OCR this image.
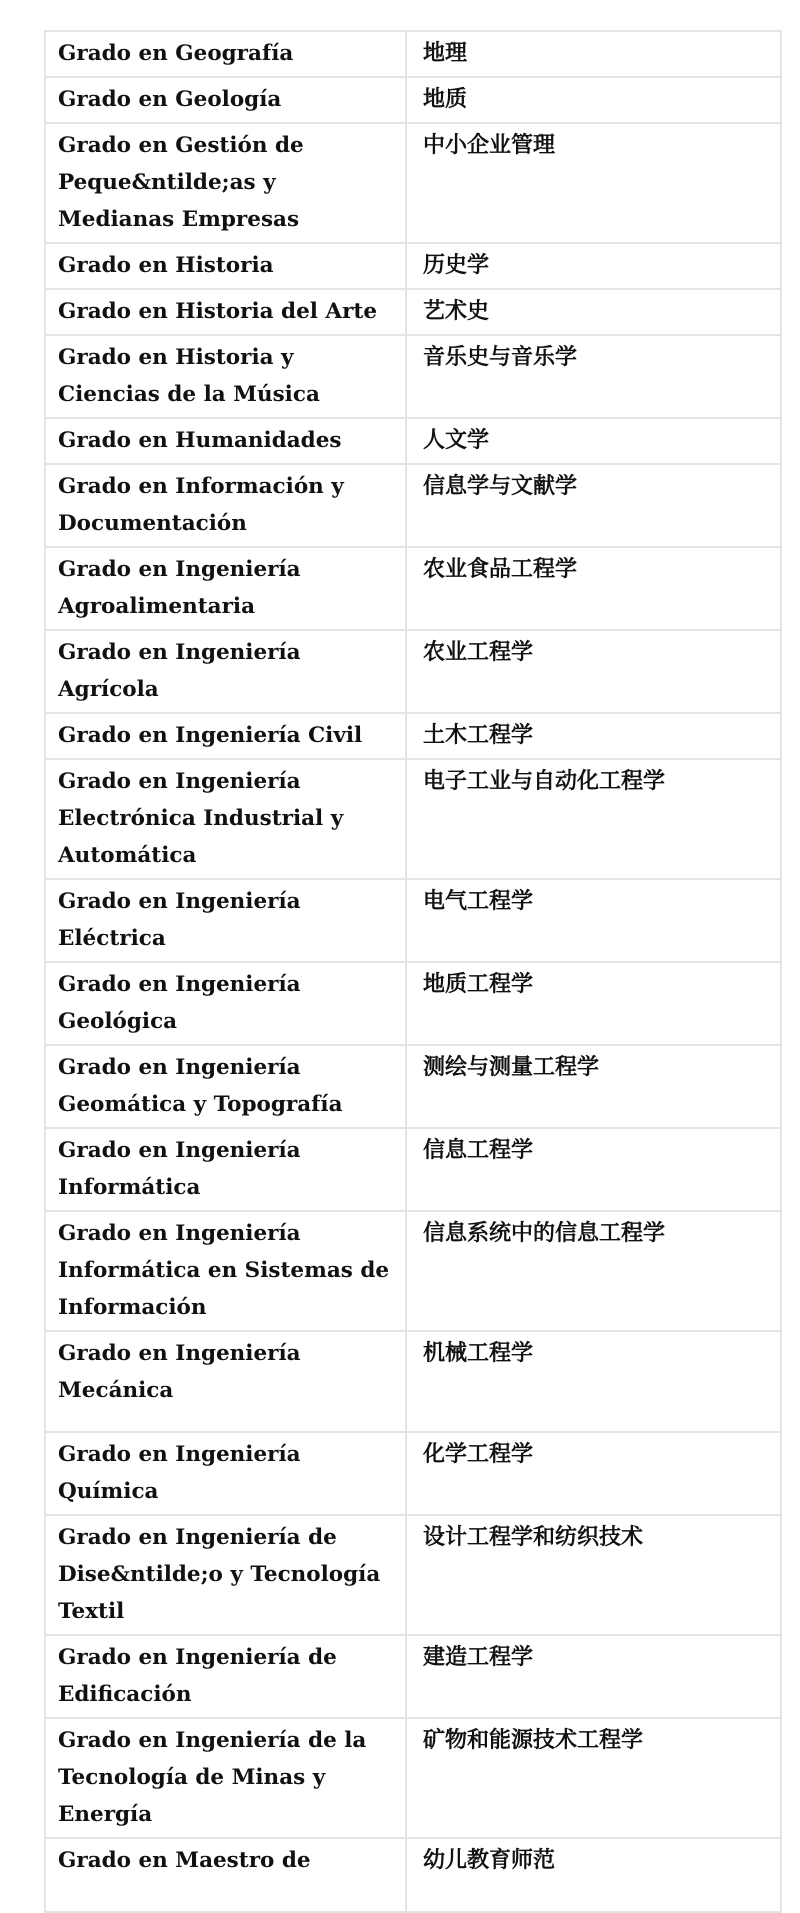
Grado en Geografía	地理
Grado en Geología	地质
Grado en Gestión de Peque&ntilde;as y Medianas Empresas	中小企业管理
Grado en Historia	历史学
Grado en Historia del Arte	艺术史
Grado en Historia y Ciencias de la Música	音乐史与音乐学
Grado en Humanidades	人文学
Grado en Información y Documentación	信息学与文献学
Grado en Ingeniería Agroalimentaria	农业食品工程学
Grado en Ingeniería Agrícola	农业工程学
Grado en Ingeniería Civil	土木工程学
Grado en Ingeniería Electrónica Industrial y Automática	电子工业与自动化工程学
Grado en Ingeniería Eléctrica	电气工程学
Grado en Ingeniería Geológica	地质工程学
Grado en Ingeniería Geomática y Topografía	测绘与测量工程学
Grado en Ingeniería Informática	信息工程学
Grado en Ingeniería Informática en Sistemas de Información	信息系统中的信息工程学
Grado en Ingeniería Mecánica	机械工程学
Grado en Ingeniería Química	化学工程学
Grado en Ingeniería de Dise&ntilde;o y Tecnología Textil	设计工程学和纺织技术
Grado en Ingeniería de Edificación	建造工程学
Grado en Ingeniería de la Tecnología de Minas y Energía	矿物和能源技术工程学
Grado en Maestro de	幼儿教育师范
